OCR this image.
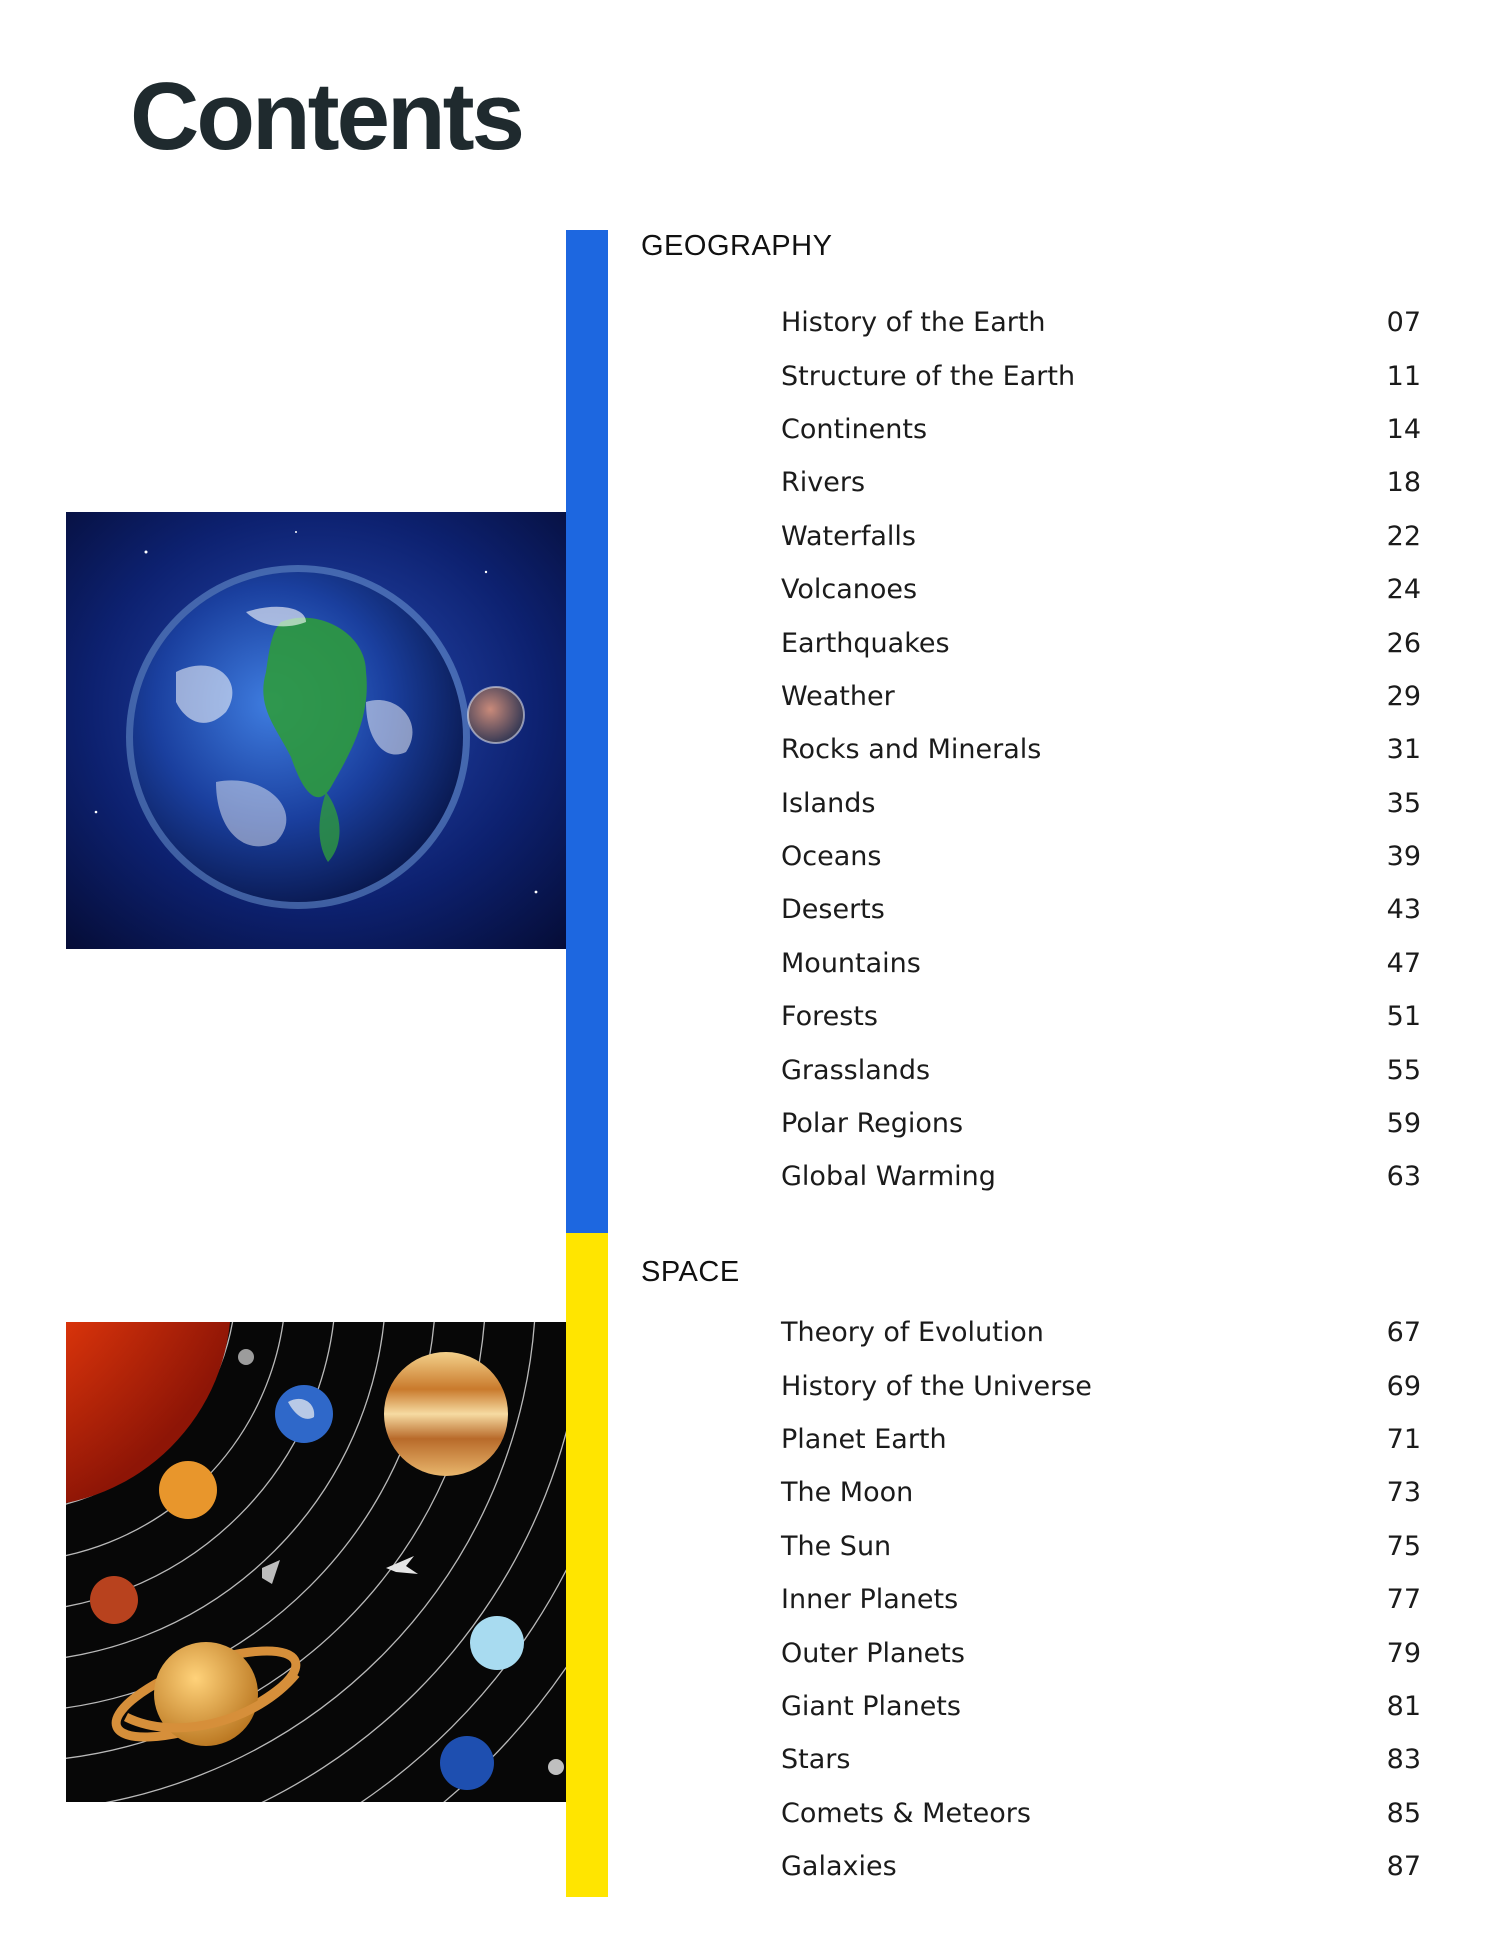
Contents
GEOGRAPHY
History of the Earth	07
Structure of the Earth	11
Continents	14
Rivers	18
Waterfalls	22
Volcanoes	24
Earthquakes	26
Weather	29
Rocks and Minerals	31
Islands	35
Oceans	39
Deserts	43
Mountains	47
Forests	51
Grasslands	55
Polar Regions	59
Global Warming	63
SPACE
Theory of Evolution	67
History of the Universe	69
Planet Earth	71
The Moon	73
The Sun	75
Inner Planets	77
Outer Planets	79
Giant Planets	81
Stars	83
Comets & Meteors	85
Galaxies	87
